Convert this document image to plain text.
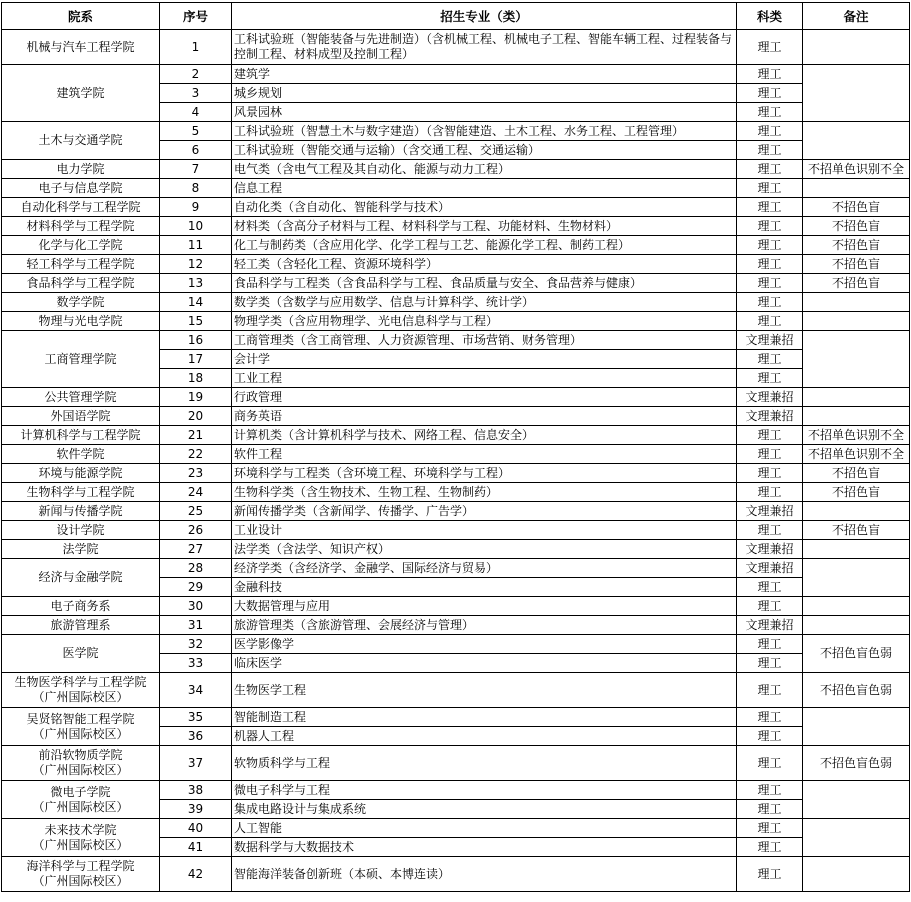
院系	序号	招生专业（类）	科类	备注
机械与汽车工程学院	1	工科试验班（智能装备与先进制造）（含机械工程、机械电子工程、智能车辆工程、过程装备与控制工程、材料成型及控制工程）	理工	
建筑学院	2	建筑学	理工	
	3	城乡规划	理工	
	4	风景园林	理工	
土木与交通学院	5	工科试验班（智慧土木与数字建造）（含智能建造、土木工程、水务工程、工程管理）	理工	
	6	工科试验班（智能交通与运输）（含交通工程、交通运输）	理工	
电力学院	7	电气类（含电气工程及其自动化、能源与动力工程）	理工	不招单色识别不全
电子与信息学院	8	信息工程	理工	
自动化科学与工程学院	9	自动化类（含自动化、智能科学与技术）	理工	不招色盲
材料科学与工程学院	10	材料类（含高分子材料与工程、材料科学与工程、功能材料、生物材料）	理工	不招色盲
化学与化工学院	11	化工与制药类（含应用化学、化学工程与工艺、能源化学工程、制药工程）	理工	不招色盲
轻工科学与工程学院	12	轻工类（含轻化工程、资源环境科学）	理工	不招色盲
食品科学与工程学院	13	食品科学与工程类（含食品科学与工程、食品质量与安全、食品营养与健康）	理工	不招色盲
数学学院	14	数学类（含数学与应用数学、信息与计算科学、统计学）	理工	
物理与光电学院	15	物理学类（含应用物理学、光电信息科学与工程）	理工	
工商管理学院	16	工商管理类（含工商管理、人力资源管理、市场营销、财务管理）	文理兼招	
	17	会计学	理工	
	18	工业工程	理工	
公共管理学院	19	行政管理	文理兼招	
外国语学院	20	商务英语	文理兼招	
计算机科学与工程学院	21	计算机类（含计算机科学与技术、网络工程、信息安全）	理工	不招单色识别不全
软件学院	22	软件工程	理工	不招单色识别不全
环境与能源学院	23	环境科学与工程类（含环境工程、环境科学与工程）	理工	不招色盲
生物科学与工程学院	24	生物科学类（含生物技术、生物工程、生物制药）	理工	不招色盲
新闻与传播学院	25	新闻传播学类（含新闻学、传播学、广告学）	文理兼招	
设计学院	26	工业设计	理工	不招色盲
法学院	27	法学类（含法学、知识产权）	文理兼招	
经济与金融学院	28	经济学类（含经济学、金融学、国际经济与贸易）	文理兼招	
	29	金融科技	理工	
电子商务系	30	大数据管理与应用	理工	
旅游管理系	31	旅游管理类（含旅游管理、会展经济与管理）	文理兼招	
医学院	32	医学影像学	理工	不招色盲色弱
	33	临床医学	理工	

生物医学科学与工程学院
（广州国际校区）	34	生物医学工程	理工	不招色盲色弱

吴贤铭智能工程学院
（广州国际校区）	35	智能制造工程	理工	
	36	机器人工程	理工	

前沿软物质学院
（广州国际校区）	37	软物质科学与工程	理工	不招色盲色弱

微电子学院
（广州国际校区）	38	微电子科学与工程	理工	
	39	集成电路设计与集成系统	理工	

未来技术学院
（广州国际校区）	40	人工智能	理工	
	41	数据科学与大数据技术	理工	

海洋科学与工程学院
（广州国际校区）	42	智能海洋装备创新班（本硕、本博连读）	理工	
